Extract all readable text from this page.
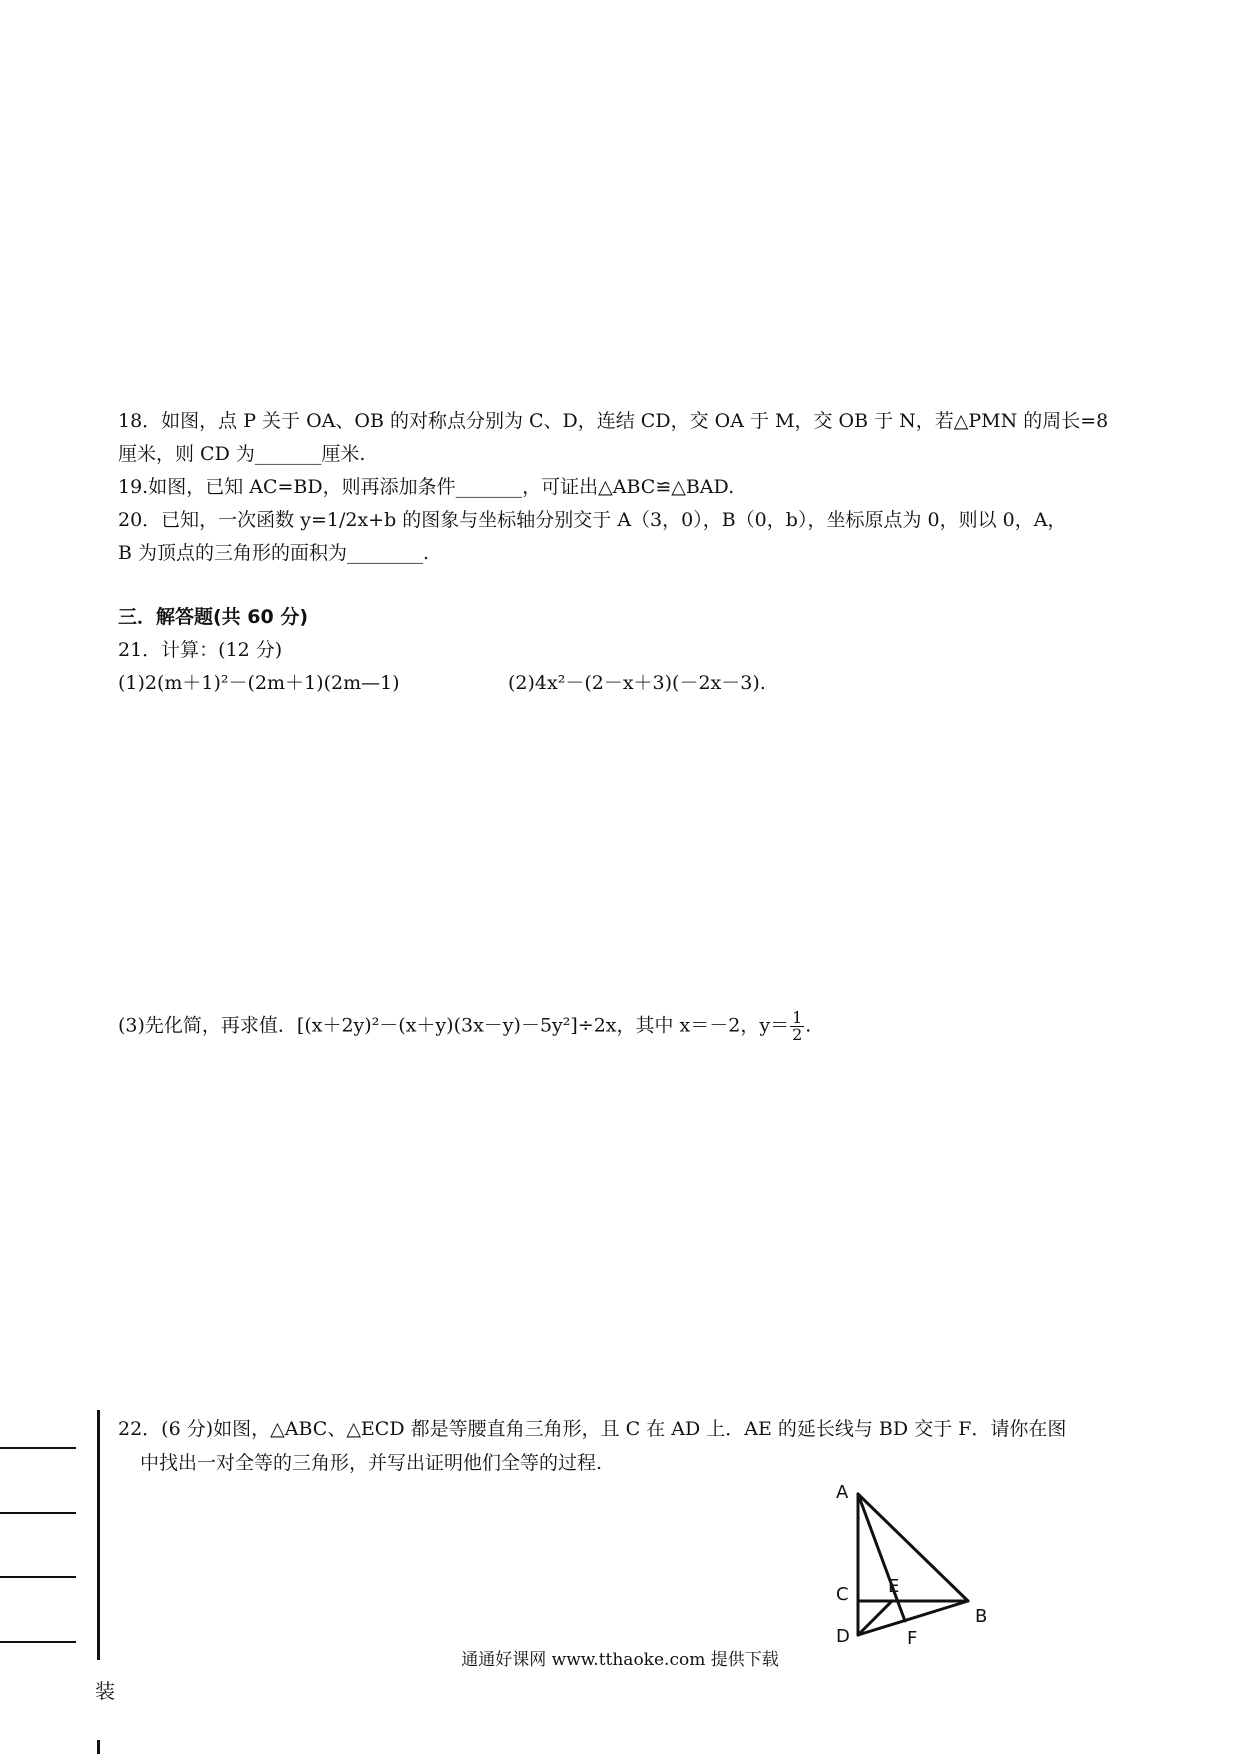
18．如图，点 P 关于 OA、OB 的对称点分别为 C、D，连结 CD，交 OA 于 M，交 OB 于 N，若△PMN 的周长=8
厘米，则 CD 为_______厘米.
19.如图，已知 AC=BD，则再添加条件_______，可证出△ABC≌△BAD.
20．已知，一次函数 y=1/2x+b 的图象与坐标轴分别交于 A（3，0），B（0，b），坐标原点为 0，则以 0，A，
B 为顶点的三角形的面积为________.
三．解答题(共 60 分)
21．计算：(12 分)
(1)2(m＋1)²－(2m＋1)(2m—1)	(2)4x²－(2－x＋3)(－2x－3).
(3)先化简，再求值．[(x＋2y)²－(x＋y)(3x－y)－5y²]÷2x，其中 x＝－2，$y= \frac{1}{2}$ .
22．(6 分)如图，△ABC、△ECD 都是等腰直角三角形，且 C 在 AD 上．AE 的延长线与 BD 交于 F．请你在图
中找出一对全等的三角形，并写出证明他们全等的过程.
装
A
B
C
D
E
F
通通好课网 www.tthaoke.com 提供下载
